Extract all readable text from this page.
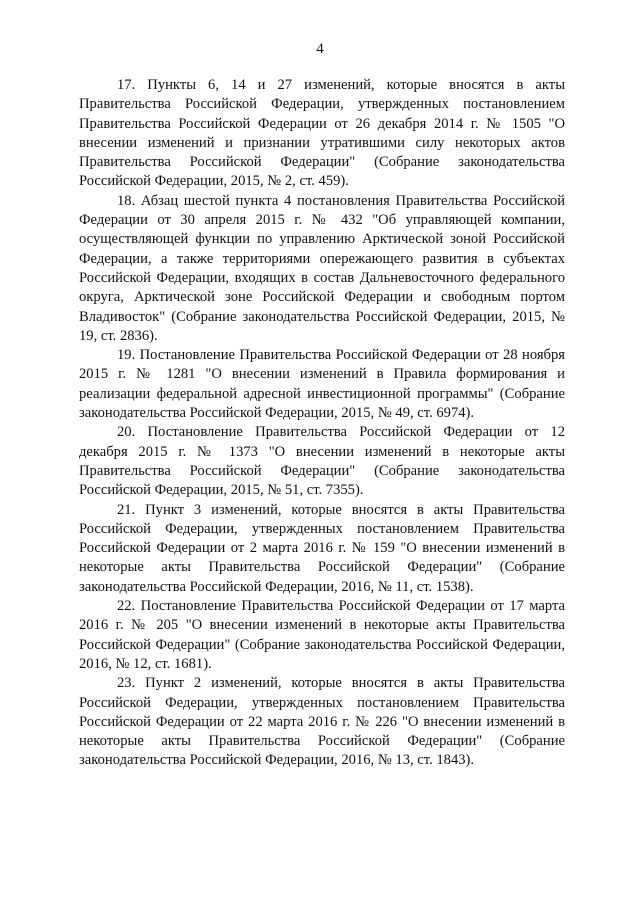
4

17. Пункты 6, 14 и 27 изменений, которые вносятся в акты Правительства Российской Федерации, утвержденных постановлением Правительства Российской Федерации от 26 декабря 2014 г. № 1505 "О внесении изменений и признании утратившими силу некоторых актов Правительства Российской Федерации" (Собрание законодательства Российской Федерации, 2015, № 2, ст. 459).

18. Абзац шестой пункта 4 постановления Правительства Российской Федерации от 30 апреля 2015 г. № 432 "Об управляющей компании, осуществляющей функции по управлению Арктической зоной Российской Федерации, а также территориями опережающего развития в субъектах Российской Федерации, входящих в состав Дальневосточного федерального округа, Арктической зоне Российской Федерации и свободным портом Владивосток" (Собрание законодательства Российской Федерации, 2015, № 19, ст. 2836).

19. Постановление Правительства Российской Федерации от 28 ноября 2015 г. № 1281 "О внесении изменений в Правила формирования и реализации федеральной адресной инвестиционной программы" (Собрание законодательства Российской Федерации, 2015, № 49, ст. 6974).

20. Постановление Правительства Российской Федерации от 12 декабря 2015 г. № 1373 "О внесении изменений в некоторые акты Правительства Российской Федерации" (Собрание законодательства Российской Федерации, 2015, № 51, ст. 7355).

21. Пункт 3 изменений, которые вносятся в акты Правительства Российской Федерации, утвержденных постановлением Правительства Российской Федерации от 2 марта 2016 г. № 159 "О внесении изменений в некоторые акты Правительства Российской Федерации" (Собрание законодательства Российской Федерации, 2016, № 11, ст. 1538).

22. Постановление Правительства Российской Федерации от 17 марта 2016 г. № 205 "О внесении изменений в некоторые акты Правительства Российской Федерации" (Собрание законодательства Российской Федерации, 2016, № 12, ст. 1681).

23. Пункт 2 изменений, которые вносятся в акты Правительства Российской Федерации, утвержденных постановлением Правительства Российской Федерации от 22 марта 2016 г. № 226 "О внесении изменений в некоторые акты Правительства Российской Федерации" (Собрание законодательства Российской Федерации, 2016, № 13, ст. 1843).
